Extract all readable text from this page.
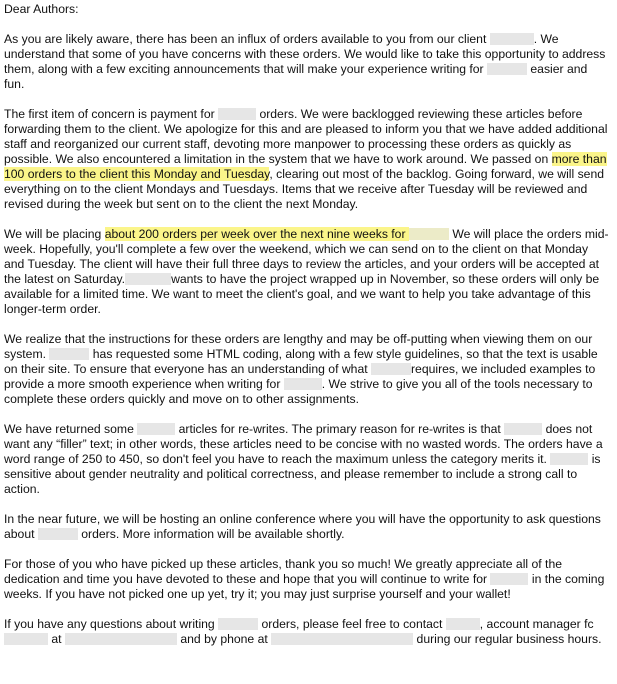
Dear Authors:

As you are likely aware, there has been an influx of orders available to you from our client	. We understand that some of you have concerns with these orders. We would like to take this opportunity to address them, along with a few exciting announcements that will make your experience writing for	easier and fun.

The first item of concern is payment for	orders. We were backlogged reviewing these articles before forwarding them to the client. We apologize for this and are pleased to inform you that we have added additional staff and reorganized our current staff, devoting more manpower to processing these orders as quickly as possible. We also encountered a limitation in the system that we have to work around. We passed on more than 100 orders to the client this Monday and Tuesday, clearing out most of the backlog. Going forward, we will send everything on to the client Mondays and Tuesdays. Items that we receive after Tuesday will be reviewed and revised during the week but sent on to the client the next Monday.

We will be placing about 200 orders per week over the next nine weeks for	We will place the orders mid-week. Hopefully, you'll complete a few over the weekend, which we can send on to the client on that Monday and Tuesday. The client will have their full three days to review the articles, and your orders will be accepted at the latest on Saturday.	wants to have the project wrapped up in November, so these orders will only be available for a limited time. We want to meet the client's goal, and we want to help you take advantage of this longer-term order.

We realize that the instructions for these orders are lengthy and may be off-putting when viewing them on our system.	has requested some HTML coding, along with a few style guidelines, so that the text is usable on their site. To ensure that everyone has an understanding of what	requires, we included examples to provide a more smooth experience when writing for	. We strive to give you all of the tools necessary to complete these orders quickly and move on to other assignments.

We have returned some	articles for re-writes. The primary reason for re-writes is that	does not want any “filler” text; in other words, these articles need to be concise with no wasted words. The orders have a word range of 250 to 450, so don't feel you have to reach the maximum unless the category merits it.	is sensitive about gender neutrality and political correctness, and please remember to include a strong call to action.

In the near future, we will be hosting an online conference where you will have the opportunity to ask questions about	orders. More information will be available shortly.

For those of you who have picked up these articles, thank you so much! We greatly appreciate all of the dedication and time you have devoted to these and hope that you will continue to write for	in the coming weeks. If you have not picked one up yet, try it; you may just surprise yourself and your wallet!

If you have any questions about writing	orders, please feel free to contact	, account manager fc at	and by phone at	during our regular business hours.
